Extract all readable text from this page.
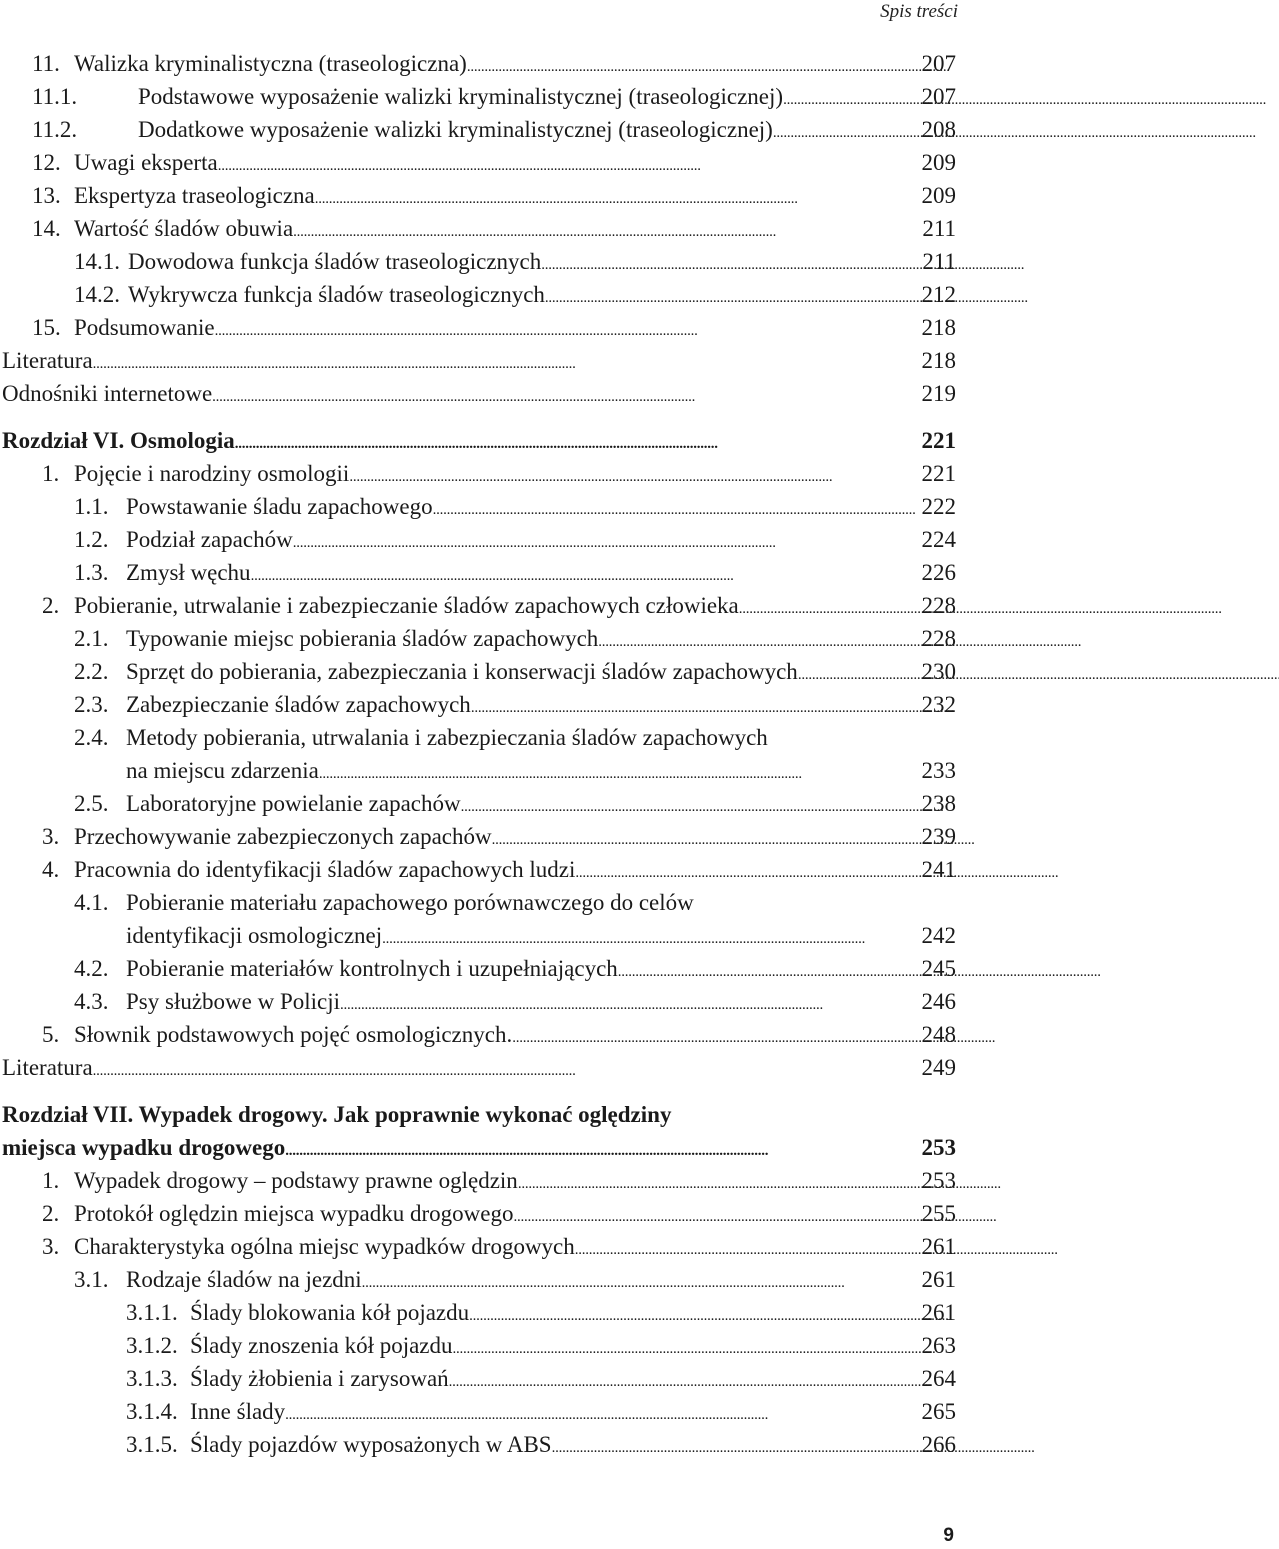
Spis treści
11. Walizka kryminalistyczna (traseologiczna) . . .	207
11.1.	Podstawowe wyposażenie walizki kryminalistycznej (traseologicznej) . . .	207
11.2.	Dodatkowe wyposażenie walizki kryminalistycznej (traseologicznej) . . .	208
12. Uwagi eksperta . . .	209
13. Ekspertyza traseologiczna . . .	209
14. Wartość śladów obuwia . . .	211
14.1. Dowodowa funkcja śladów traseologicznych . . .	211
14.2. Wykrywcza funkcja śladów traseologicznych . . .	212
15. Podsumowanie . . .	218
Literatura . . .	218
Odnośniki internetowe . . .	219
Rozdział VI. Osmologia . . .	221
1. Pojęcie i narodziny osmologii . . .	221
1.1. Powstawanie śladu zapachowego . . .	222
1.2. Podział zapachów . . .	224
1.3. Zmysł węchu . . .	226
2. Pobieranie, utrwalanie i zabezpieczanie śladów zapachowych człowieka . . .	228
2.1. Typowanie miejsc pobierania śladów zapachowych . . .	228
2.2. Sprzęt do pobierania, zabezpieczania i konserwacji śladów zapachowych . . .	230
2.3. Zabezpieczanie śladów zapachowych . . .	232
2.4. Metody pobierania, utrwalania i zabezpieczania śladów zapachowych
na miejscu zdarzenia . . .	233
2.5. Laboratoryjne powielanie zapachów . . .	238
3. Przechowywanie zabezpieczonych zapachów . . .	239
4. Pracownia do identyfikacji śladów zapachowych ludzi . . .	241
4.1. Pobieranie materiału zapachowego porównawczego do celów
identyfikacji osmologicznej . . .	242
4.2. Pobieranie materiałów kontrolnych i uzupełniających . . .	245
4.3. Psy służbowe w Policji . . .	246
5. Słownik podstawowych pojęć osmologicznych. . . .	248
Literatura . . .	249
Rozdział VII. Wypadek drogowy. Jak poprawnie wykonać oględziny
miejsca wypadku drogowego . . .	253
1. Wypadek drogowy – podstawy prawne oględzin . . .	253
2. Protokół oględzin miejsca wypadku drogowego . . .	255
3. Charakterystyka ogólna miejsc wypadków drogowych . . .	261
3.1. Rodzaje śladów na jezdni . . .	261
3.1.1. Ślady blokowania kół pojazdu . . .	261
3.1.2. Ślady znoszenia kół pojazdu . . .	263
3.1.3. Ślady żłobienia i zarysowań . . .	264
3.1.4. Inne ślady . . .	265
3.1.5. Ślady pojazdów wyposażonych w ABS . . .	266
9
